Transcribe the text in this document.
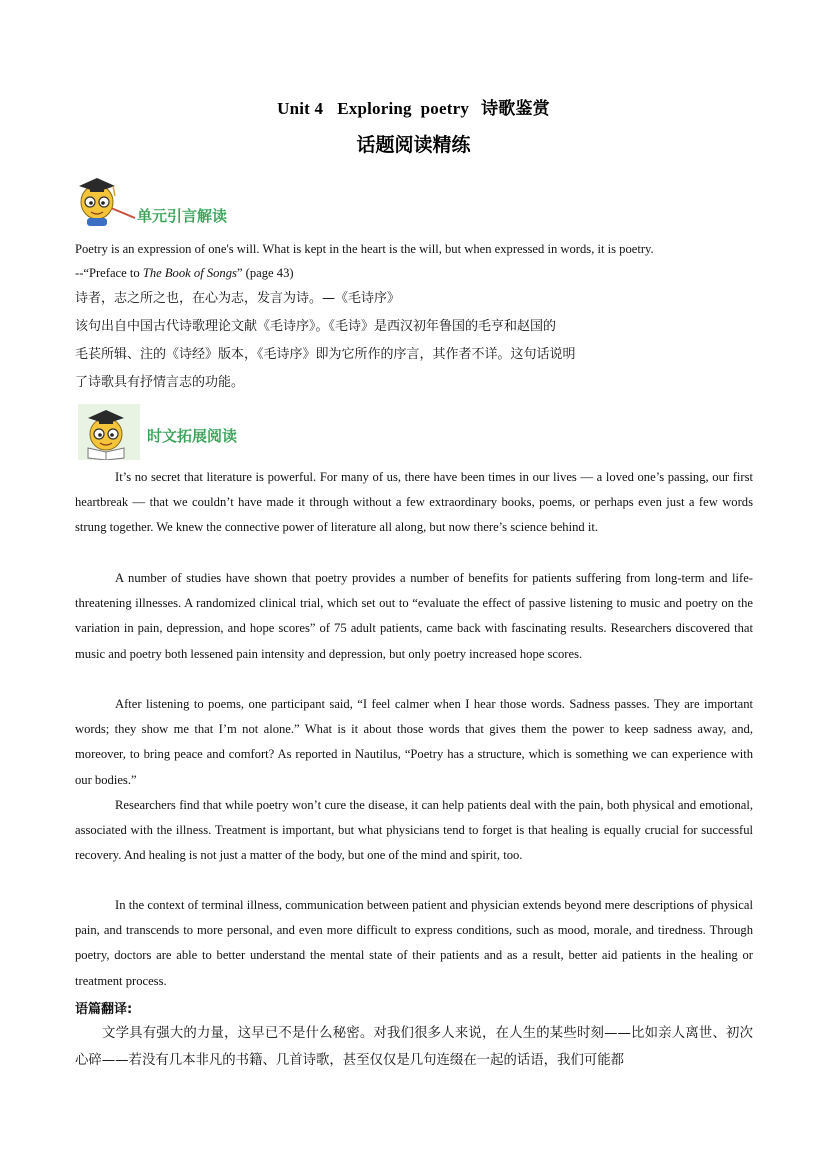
Unit 4 Exploring  poetry 诗歌鉴赏
话题阅读精练
单元引言解读
Poetry is an expression of one's will. What is kept in the heart is the will, but when expressed in words, it is poetry.
--“Preface to The Book of Songs” (page 43)
诗者，志之所之也，在心为志，发言为诗。—《毛诗序》
该句出自中国古代诗歌理论文献《毛诗序》。《毛诗》是西汉初年鲁国的毛亨和赵国的
毛苌所辑、注的《诗经》版本，《毛诗序》即为它所作的序言，其作者不详。这句话说明
了诗歌具有抒情言志的功能。
时文拓展阅读

It’s no secret that literature is powerful. For many of us, there have been times in our lives — a loved one’s passing, our first heartbreak — that we couldn’t have made it through without a few extraordinary books, poems, or perhaps even just a few words strung together. We knew the connective power of literature all along, but now there’s science behind it.

A number of studies have shown that poetry provides a number of benefits for patients suffering from long-term and life-threatening illnesses. A randomized clinical trial, which set out to “evaluate the effect of passive listening to music and poetry on the variation in pain, depression, and hope scores” of 75 adult patients, came back with fascinating results. Researchers discovered that music and poetry both lessened pain intensity and depression, but only poetry increased hope scores.

After listening to poems, one participant said, “I feel calmer when I hear those words. Sadness passes. They are important words; they show me that I’m not alone.” What is it about those words that gives them the power to keep sadness away, and, moreover, to bring peace and comfort? As reported in Nautilus, “Poetry has a structure, which is something we can experience with our bodies.”

Researchers find that while poetry won’t cure the disease, it can help patients deal with the pain, both physical and emotional, associated with the illness. Treatment is important, but what physicians tend to forget is that healing is equally crucial for successful recovery. And healing is not just a matter of the body, but one of the mind and spirit, too.

In the context of terminal illness, communication between patient and physician extends beyond mere descriptions of physical pain, and transcends to more personal, and even more difficult to express conditions, such as mood, morale, and tiredness. Through poetry, doctors are able to better understand the mental state of their patients and as a result, better aid patients in the healing or treatment process.

语篇翻译:

文学具有强大的力量，这早已不是什么秘密。对我们很多人来说，在人生的某些时刻——比如亲人离世、初次心碎——若没有几本非凡的书籍、几首诗歌，甚至仅仅是几句连缀在一起的话语，我们可能都
